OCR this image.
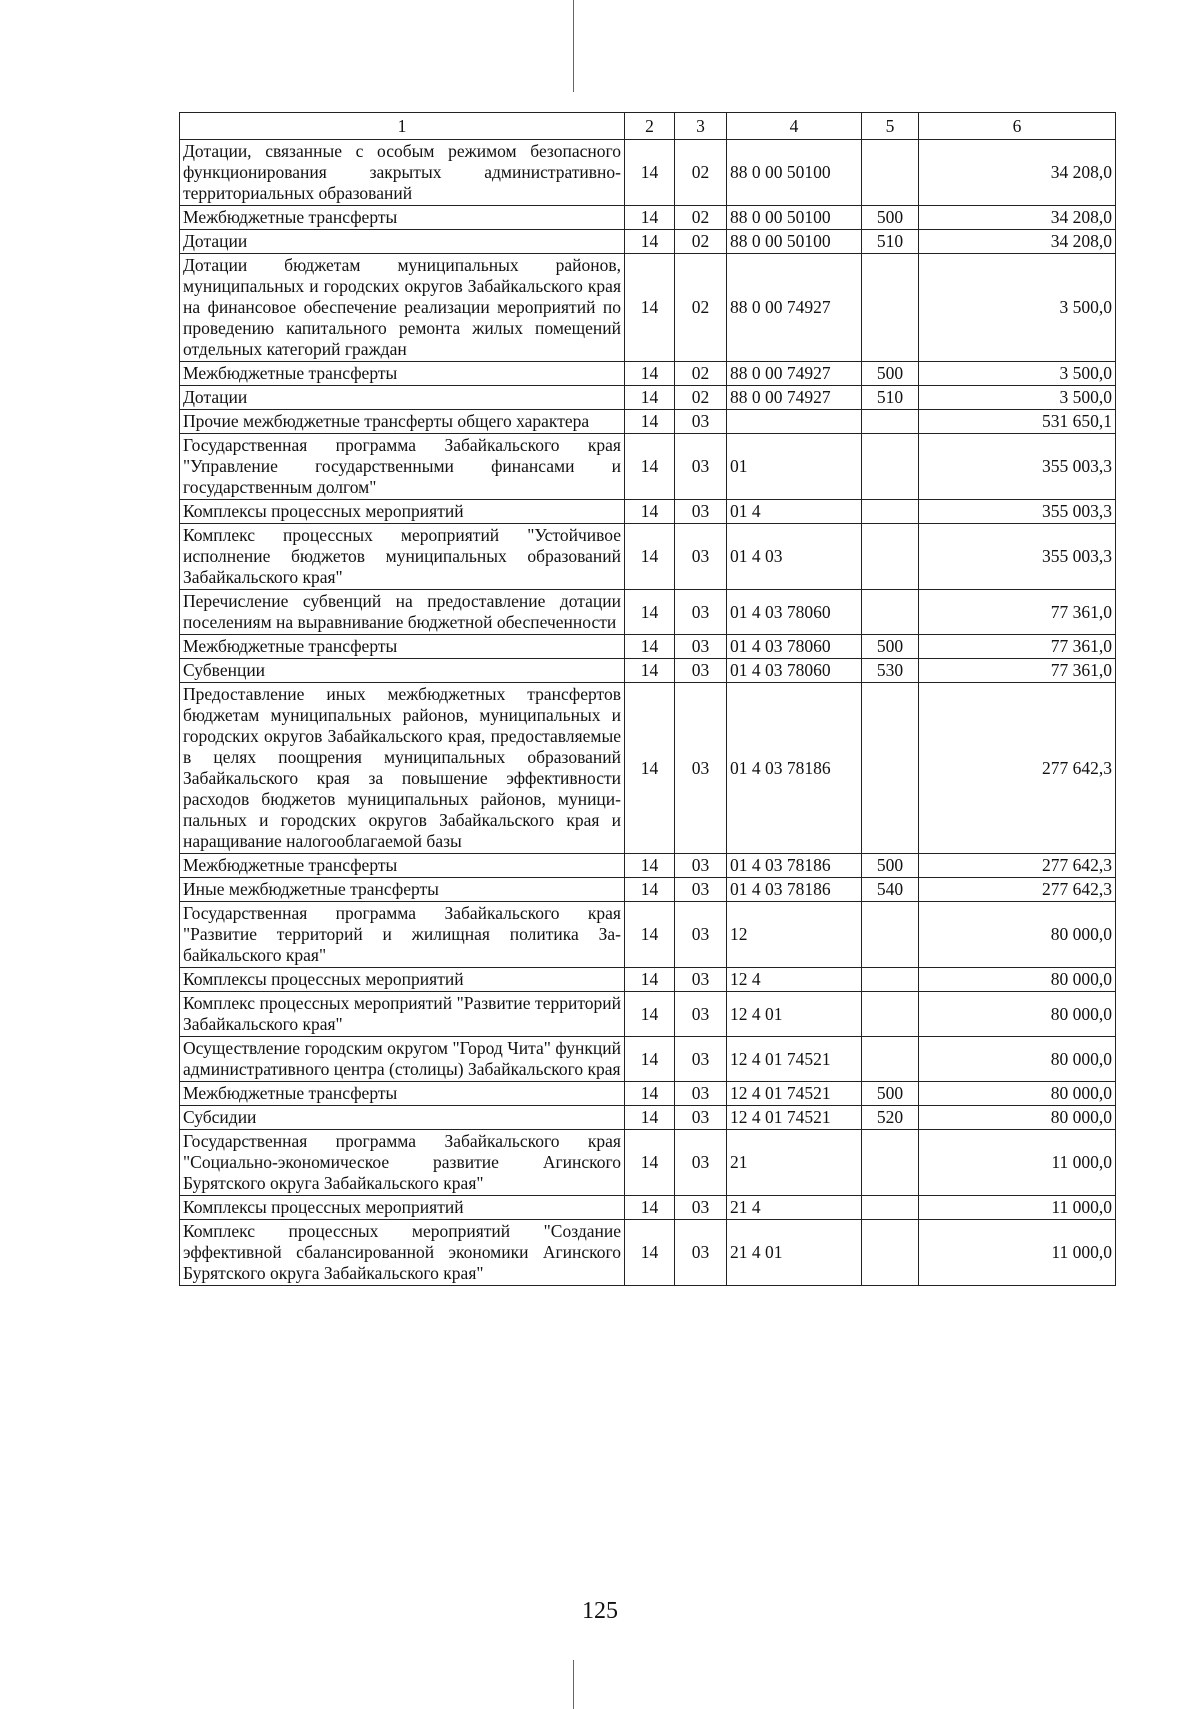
1	2	3	4	5	6
Дотации, связанные с особым режимом безопасного функционирования закрытых административно-территориальных образований	14	02	88 0 00 50100		34 208,0
Межбюджетные трансферты	14	02	88 0 00 50100	500	34 208,0
Дотации	14	02	88 0 00 50100	510	34 208,0
Дотации бюджетам муниципальных районов, муниципальных и городских округов Забайкальского края на финансовое обеспечение реализации мероприятий по проведению капитального ремонта жилых помещений отдельных категорий граждан	14	02	88 0 00 74927		3 500,0
Межбюджетные трансферты	14	02	88 0 00 74927	500	3 500,0
Дотации	14	02	88 0 00 74927	510	3 500,0
Прочие межбюджетные трансферты общего характера	14	03			531 650,1
Государственная программа Забайкальского края "Управление государственными финансами и государственным долгом"	14	03	01		355 003,3
Комплексы процессных мероприятий	14	03	01 4		355 003,3
Комплекс процессных мероприятий "Устойчивое исполнение бюджетов муниципальных образований Забайкальского края"	14	03	01 4 03		355 003,3
Перечисление субвенций на предоставление дотации поселениям на выравнивание бюджетной обеспеченности	14	03	01 4 03 78060		77 361,0
Межбюджетные трансферты	14	03	01 4 03 78060	500	77 361,0
Субвенции	14	03	01 4 03 78060	530	77 361,0
Предоставление иных межбюджетных трансфертов бюджетам муниципальных районов, муниципальных и городских округов Забайкальского края, предоставляемые в целях поощрения муниципальных образований Забайкальского края за повышение эффективности расходов бюджетов муниципальных районов, муниципальных и городских округов Забайкальского края и наращивание налогооблагаемой базы	14	03	01 4 03 78186		277 642,3
Межбюджетные трансферты	14	03	01 4 03 78186	500	277 642,3
Иные межбюджетные трансферты	14	03	01 4 03 78186	540	277 642,3
Государственная программа Забайкальского края "Развитие территорий и жилищная политика Забайкальского края"	14	03	12		80 000,0
Комплексы процессных мероприятий	14	03	12 4		80 000,0
Комплекс процессных мероприятий "Развитие территорий Забайкальского края"	14	03	12 4 01		80 000,0
Осуществление городским округом "Город Чита" функций административного центра (столицы) Забайкальского края	14	03	12 4 01 74521		80 000,0
Межбюджетные трансферты	14	03	12 4 01 74521	500	80 000,0
Субсидии	14	03	12 4 01 74521	520	80 000,0
Государственная программа Забайкальского края "Социально-экономическое развитие Агинского Бурятского округа Забайкальского края"	14	03	21		11 000,0
Комплексы процессных мероприятий	14	03	21 4		11 000,0
Комплекс процессных мероприятий "Создание эффективной сбалансированной экономики Агинского Бурятского округа Забайкальского края"	14	03	21 4 01		11 000,0
125
